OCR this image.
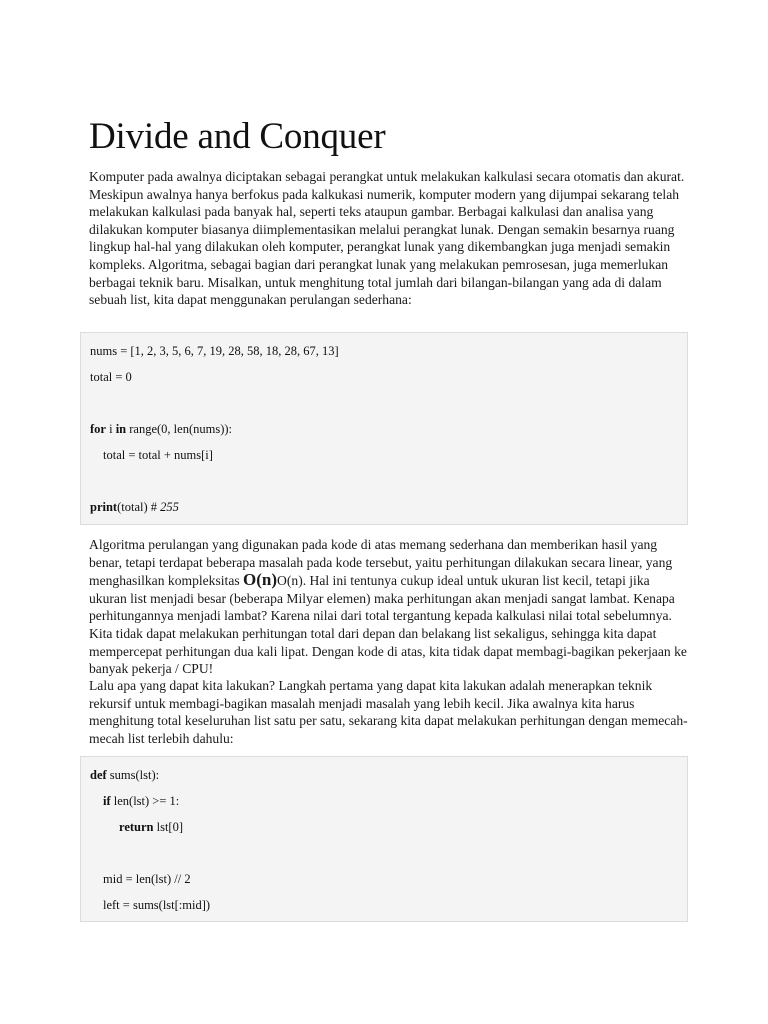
Divide and Conquer

Komputer pada awalnya diciptakan sebagai perangkat untuk melakukan kalkulasi secara otomatis dan akurat. Meskipun awalnya hanya berfokus pada kalkukasi numerik, komputer modern yang dijumpai sekarang telah melakukan kalkulasi pada banyak hal, seperti teks ataupun gambar. Berbagai kalkulasi dan analisa yang dilakukan komputer biasanya diimplementasikan melalui perangkat lunak. Dengan semakin besarnya ruang lingkup hal-hal yang dilakukan oleh komputer, perangkat lunak yang dikembangkan juga menjadi semakin kompleks. Algoritma, sebagai bagian dari perangkat lunak yang melakukan pemrosesan, juga memerlukan berbagai teknik baru. Misalkan, untuk menghitung total jumlah dari bilangan-bilangan yang ada di dalam sebuah list, kita dapat menggunakan perulangan sederhana:

nums = [1, 2, 3, 5, 6, 7, 19, 28, 58, 18, 28, 67, 13]
total = 0
for i in range(0, len(nums)):
total = total + nums[i]
print(total) # 255

Algoritma perulangan yang digunakan pada kode di atas memang sederhana dan memberikan hasil yang benar, tetapi terdapat beberapa masalah pada kode tersebut, yaitu perhitungan dilakukan secara linear, yang menghasilkan kompleksitas O(n)O(n). Hal ini tentunya cukup ideal untuk ukuran list kecil, tetapi jika ukuran list menjadi besar (beberapa Milyar elemen) maka perhitungan akan menjadi sangat lambat. Kenapa perhitungannya menjadi lambat? Karena nilai dari total tergantung kepada kalkulasi nilai total sebelumnya. Kita tidak dapat melakukan perhitungan total dari depan dan belakang list sekaligus, sehingga kita dapat mempercepat perhitungan dua kali lipat. Dengan kode di atas, kita tidak dapat membagi-bagikan pekerjaan ke banyak pekerja / CPU!

Lalu apa yang dapat kita lakukan? Langkah pertama yang dapat kita lakukan adalah menerapkan teknik rekursif untuk membagi-bagikan masalah menjadi masalah yang lebih kecil. Jika awalnya kita harus menghitung total keseluruhan list satu per satu, sekarang kita dapat melakukan perhitungan dengan memecah-mecah list terlebih dahulu:

def sums(lst):
if len(lst) >= 1:
return lst[0]
mid = len(lst) // 2
left = sums(lst[:mid])
